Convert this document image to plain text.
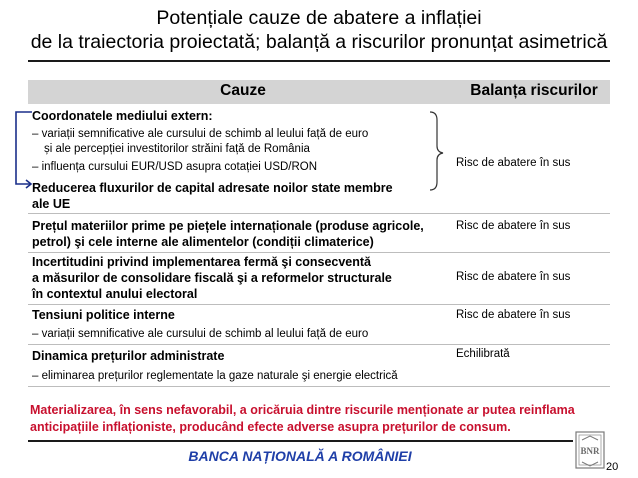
Potențiale cauze de abatere a inflației
de la traiectoria proiectată; balanță a riscurilor pronunțat asimetrică
Cauze	Balanța riscurilor
Coordonatele mediului extern:
– variații semnificative ale cursului de schimb al leului față de euro
și ale percepției investitorilor străini față de România
– influența cursului EUR/USD asupra cotației USD/RON
Reducerea fluxurilor de capital adresate noilor state membre
ale UE
Risc de abatere în sus
Prețul materiilor prime pe piețele internaționale (produse agricole,
petrol) şi cele interne ale alimentelor (condiții climaterice)
Risc de abatere în sus
Incertitudini privind implementarea fermă şi consecventă
a măsurilor de consolidare fiscală şi a reformelor structurale
în contextul anului electoral
Risc de abatere în sus
Tensiuni politice interne
– variații semnificative ale cursului de schimb al leului față de euro
Risc de abatere în sus
Dinamica prețurilor administrate
– eliminarea prețurilor reglementate la gaze naturale şi energie electrică
Echilibrată
Materializarea, în sens nefavorabil, a oricăruia dintre riscurile menționate ar putea reinflama
anticipațiile inflaționiste, producând efecte adverse asupra prețurilor de consum.
BANCA NAȚIONALĂ A ROMÂNIEI
20
BNR
